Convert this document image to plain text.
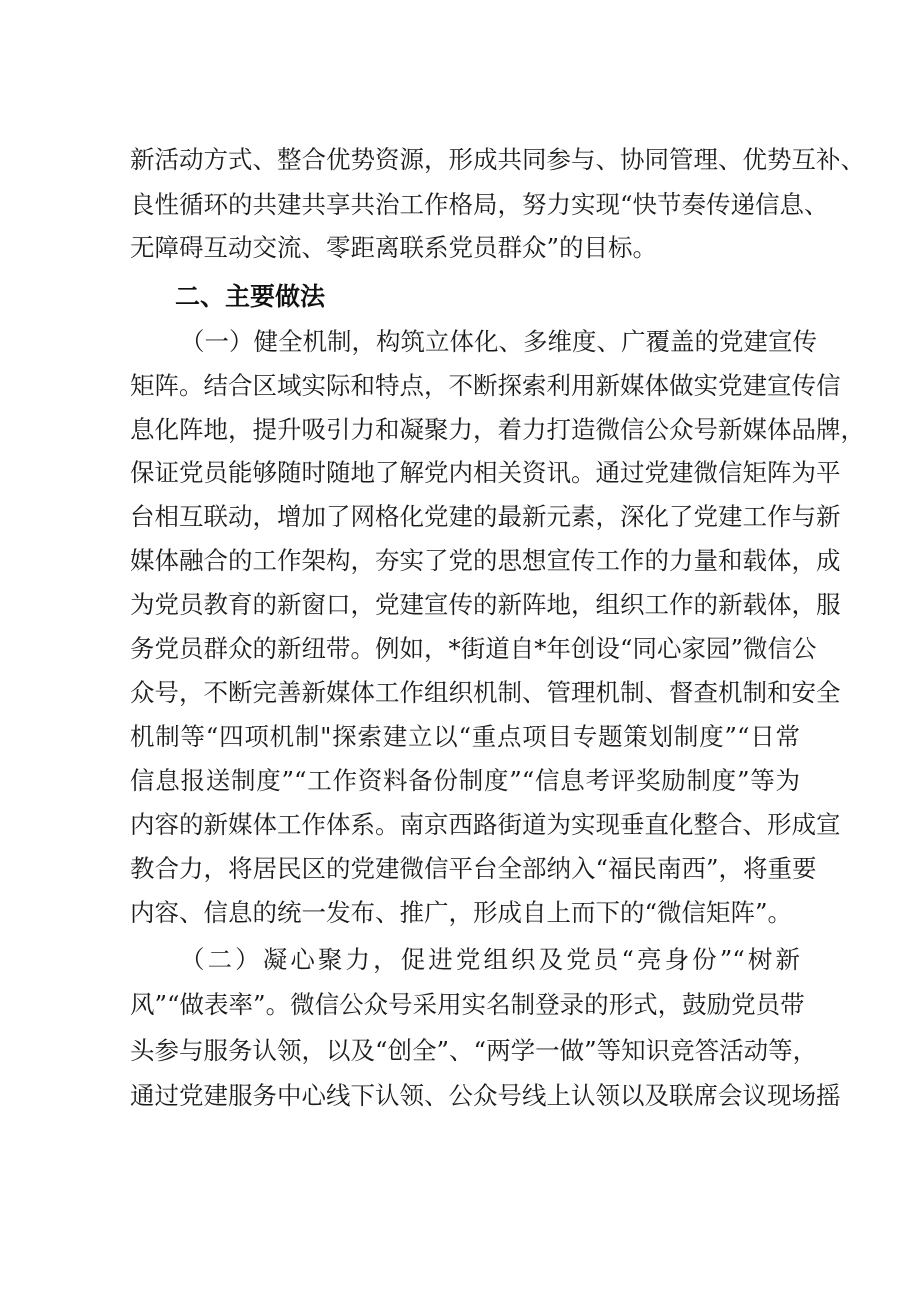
新活动方式、整合优势资源，形成共同参与、协同管理、优势互补、

良性循环的共建共享共治工作格局，努力实现“快节奏传递信息、

无障碍互动交流、零距离联系党员群众”的目标。

二、主要做法

（一）健全机制，构筑立体化、多维度、广覆盖的党建宣传

矩阵。结合区域实际和特点，不断探索利用新媒体做实党建宣传信

息化阵地，提升吸引力和凝聚力，着力打造微信公众号新媒体品牌，

保证党员能够随时随地了解党内相关资讯。通过党建微信矩阵为平

台相互联动，增加了网格化党建的最新元素，深化了党建工作与新

媒体融合的工作架构，夯实了党的思想宣传工作的力量和载体，成

为党员教育的新窗口，党建宣传的新阵地，组织工作的新载体，服

务党员群众的新纽带。例如，*街道自*年创设“同心家园”微信公

众号，不断完善新媒体工作组织机制、管理机制、督查机制和安全

机制等“四项机制"探索建立以“重点项目专题策划制度”“日常

信息报送制度”“工作资料备份制度”“信息考评奖励制度”等为

内容的新媒体工作体系。南京西路街道为实现垂直化整合、形成宣

教合力，将居民区的党建微信平台全部纳入“福民南西”，将重要

内容、信息的统一发布、推广，形成自上而下的“微信矩阵”。

（二）凝心聚力，促进党组织及党员“亮身份”“树新

风”“做表率”。微信公众号采用实名制登录的形式，鼓励党员带

头参与服务认领，以及“创全”、“两学一做”等知识竞答活动等，

通过党建服务中心线下认领、公众号线上认领以及联席会议现场摇
